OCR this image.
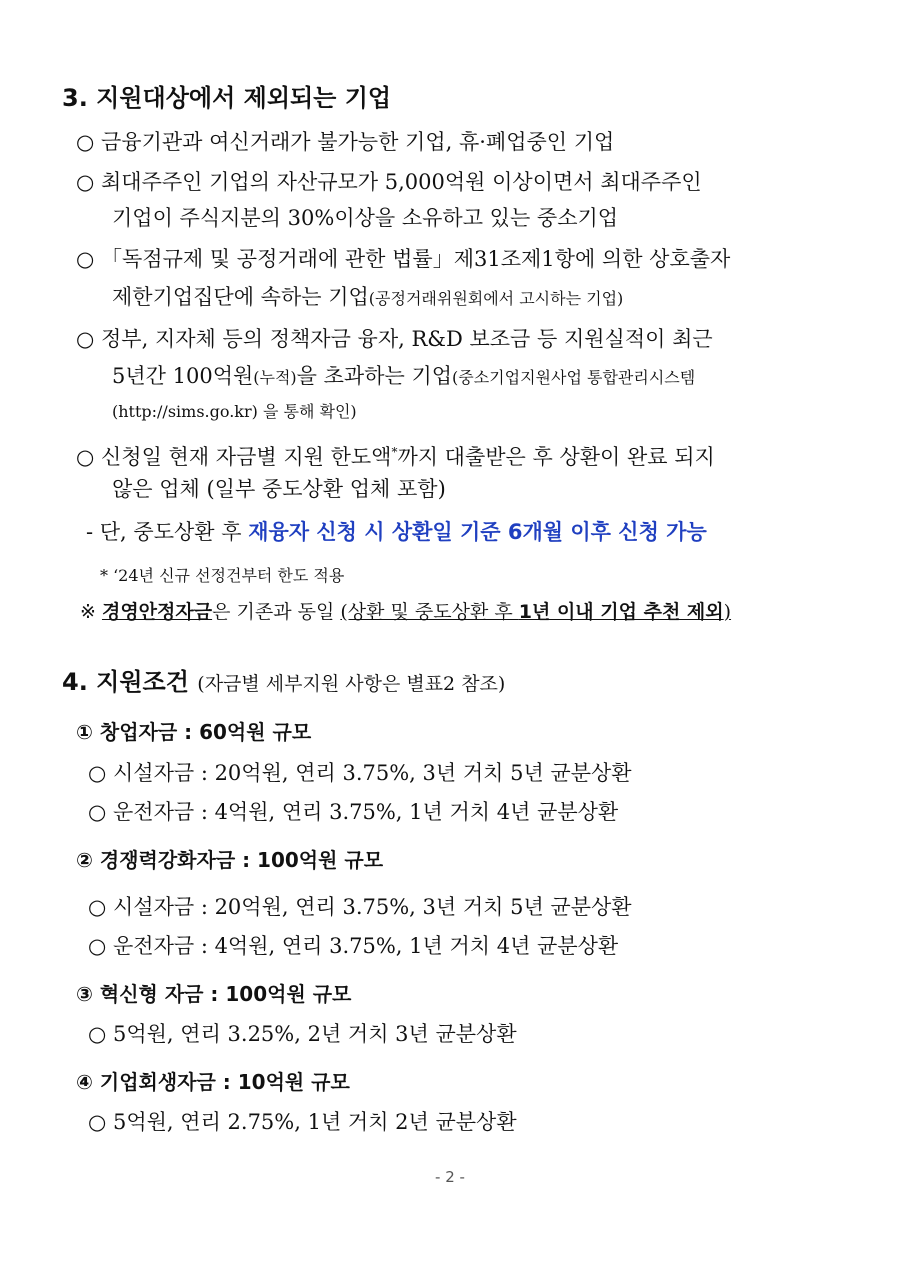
3. 지원대상에서 제외되는 기업
○ 금융기관과 여신거래가 불가능한 기업, 휴·폐업중인 기업
○ 최대주주인 기업의 자산규모가 5,000억원 이상이면서 최대주주인
기업이 주식지분의 30%이상을 소유하고 있는 중소기업
○ 「독점규제 및 공정거래에 관한 법률」제31조제1항에 의한 상호출자
제한기업집단에 속하는 기업(공정거래위원회에서 고시하는 기업)
○ 정부, 지자체 등의 정책자금 융자, R&D 보조금 등 지원실적이 최근
5년간 100억원(누적)을 초과하는 기업(중소기업지원사업 통합관리시스템
(http://sims.go.kr) 을 통해 확인)
○ 신청일 현재 자금별 지원 한도액*까지 대출받은 후 상환이 완료 되지
않은 업체 (일부 중도상환 업체 포함)
- 단, 중도상환 후 재융자 신청 시 상환일 기준 6개월 이후 신청 가능
* ‘24년 신규 선정건부터 한도 적용
※ 경영안정자금은 기존과 동일 (상환 및 중도상환 후 1년 이내 기업 추천 제외)
4. 지원조건 (자금별 세부지원 사항은 별표2 참조)
① 창업자금 : 60억원 규모
○ 시설자금 : 20억원, 연리 3.75%, 3년 거치 5년 균분상환
○ 운전자금 : 4억원, 연리 3.75%, 1년 거치 4년 균분상환
② 경쟁력강화자금 : 100억원 규모
○ 시설자금 : 20억원, 연리 3.75%, 3년 거치 5년 균분상환
○ 운전자금 : 4억원, 연리 3.75%, 1년 거치 4년 균분상환
③ 혁신형 자금 : 100억원 규모
○ 5억원, 연리 3.25%, 2년 거치 3년 균분상환
④ 기업회생자금 : 10억원 규모
○ 5억원, 연리 2.75%, 1년 거치 2년 균분상환
- 2 -
